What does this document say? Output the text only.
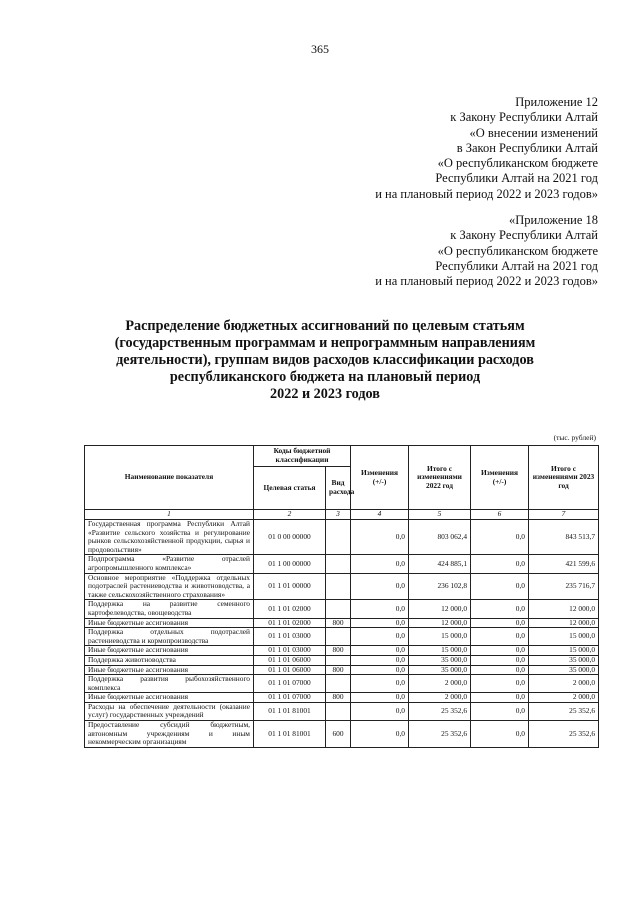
365
Приложение 12
к Закону Республики Алтай
«О внесении изменений
в Закон Республики Алтай
«О республиканском бюджете
Республики Алтай на 2021 год
и на плановый период 2022 и 2023 годов»
«Приложение 18
к Закону Республики Алтай
«О республиканском бюджете
Республики Алтай на 2021 год
и на плановый период 2022 и 2023 годов»
Распределение бюджетных ассигнований по целевым статьям
(государственным программам и непрограммным направлениям
деятельности), группам видов расходов классификации расходов
республиканского бюджета на плановый период
2022 и 2023 годов
(тыс. рублей)
Наименование показателя	Коды бюджетной классификации		Изменения (+/-)	Итого с изменениями 2022 год	Изменения (+/-)	Итого с изменениями 2023 год
	Целевая статья	Вид расхода				
1	2	3	4	5	6	7
Государственная программа Республики Алтай «Развитие сельского хозяйства и регулирование рынков сельскохозяйственной продукции, сырья и продовольствия»	01 0 00 00000		0,0	803 062,4	0,0	843 513,7
Подпрограмма «Развитие отраслей агропромышленного комплекса»	01 1 00 00000		0,0	424 885,1	0,0	421 599,6
Основное мероприятие «Поддержка отдельных подотраслей растениеводства и животноводства, а также сельскохозяйственного страхования»	01 1 01 00000		0,0	236 102,8	0,0	235 716,7
Поддержка на развитие семенного картофелеводства, овощеводства	01 1 01 02000		0,0	12 000,0	0,0	12 000,0
Иные бюджетные ассигнования	01 1 01 02000	800	0,0	12 000,0	0,0	12 000,0
Поддержка отдельных подотраслей растениеводства и кормопроизводства	01 1 01 03000		0,0	15 000,0	0,0	15 000,0
Иные бюджетные ассигнования	01 1 01 03000	800	0,0	15 000,0	0,0	15 000,0
Поддержка животноводства	01 1 01 06000		0,0	35 000,0	0,0	35 000,0
Иные бюджетные ассигнования	01 1 01 06000	800	0,0	35 000,0	0,0	35 000,0
Поддержка развития рыбохозяйственного комплекса	01 1 01 07000		0,0	2 000,0	0,0	2 000,0
Иные бюджетные ассигнования	01 1 01 07000	800	0,0	2 000,0	0,0	2 000,0
Расходы на обеспечение деятельности (оказание услуг) государственных учреждений	01 1 01 81001		0,0	25 352,6	0,0	25 352,6
Предоставление субсидий бюджетным, автономным учреждениям и иным некоммерческим организациям	01 1 01 81001	600	0,0	25 352,6	0,0	25 352,6
